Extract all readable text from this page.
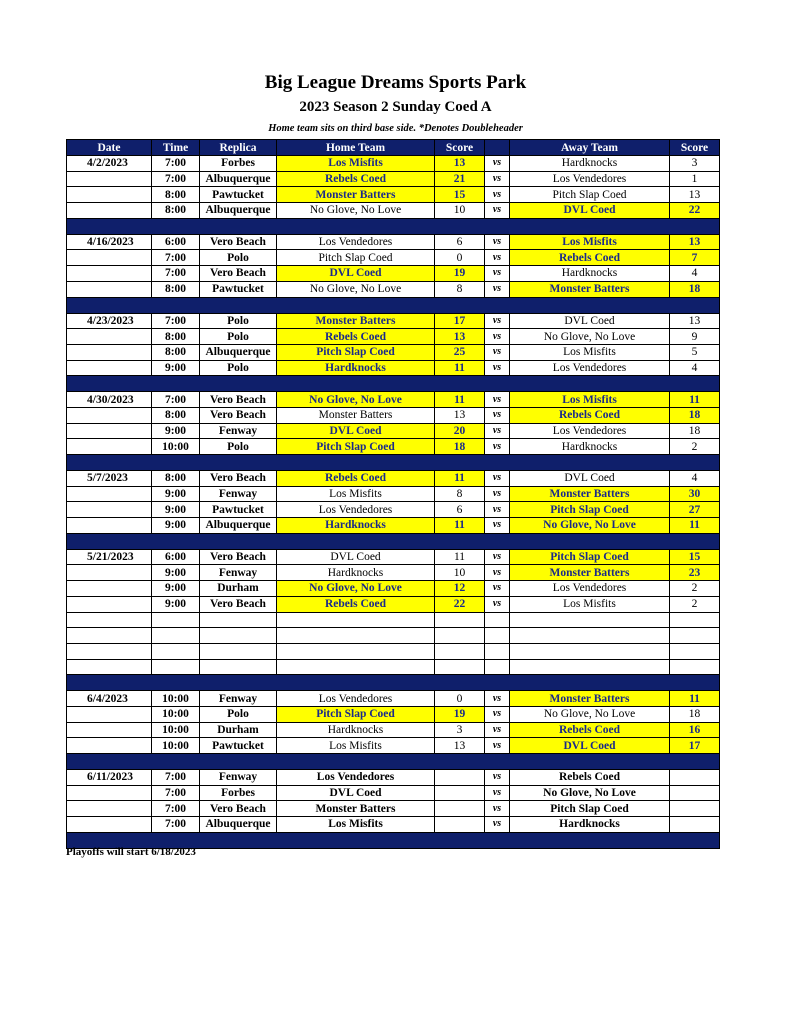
Big League Dreams Sports Park
2023 Season 2 Sunday Coed A
Home team sits on third base side. *Denotes Doubleheader
Date	Time	Replica	Home Team	Score		Away Team	Score
4/2/2023	7:00	Forbes	Los Misfits	13	vs	Hardknocks	3
	7:00	Albuquerque	Rebels Coed	21	vs	Los Vendedores	1
	8:00	Pawtucket	Monster Batters	15	vs	Pitch Slap Coed	13
	8:00	Albuquerque	No Glove, No Love	10	vs	DVL Coed	22

4/16/2023	6:00	Vero Beach	Los Vendedores	6	vs	Los Misfits	13
	7:00	Polo	Pitch Slap Coed	0	vs	Rebels Coed	7
	7:00	Vero Beach	DVL Coed	19	vs	Hardknocks	4
	8:00	Pawtucket	No Glove, No Love	8	vs	Monster Batters	18

4/23/2023	7:00	Polo	Monster Batters	17	vs	DVL Coed	13
	8:00	Polo	Rebels Coed	13	vs	No Glove, No Love	9
	8:00	Albuquerque	Pitch Slap Coed	25	vs	Los Misfits	5
	9:00	Polo	Hardknocks	11	vs	Los Vendedores	4

4/30/2023	7:00	Vero Beach	No Glove, No Love	11	vs	Los Misfits	11
	8:00	Vero Beach	Monster Batters	13	vs	Rebels Coed	18
	9:00	Fenway	DVL Coed	20	vs	Los Vendedores	18
	10:00	Polo	Pitch Slap Coed	18	vs	Hardknocks	2

5/7/2023	8:00	Vero Beach	Rebels Coed	11	vs	DVL Coed	4
	9:00	Fenway	Los Misfits	8	vs	Monster Batters	30
	9:00	Pawtucket	Los Vendedores	6	vs	Pitch Slap Coed	27
	9:00	Albuquerque	Hardknocks	11	vs	No Glove, No Love	11

5/21/2023	6:00	Vero Beach	DVL Coed	11	vs	Pitch Slap Coed	15
	9:00	Fenway	Hardknocks	10	vs	Monster Batters	23
	9:00	Durham	No Glove, No Love	12	vs	Los Vendedores	2
	9:00	Vero Beach	Rebels Coed	22	vs	Los Misfits	2

6/4/2023	10:00	Fenway	Los Vendedores	0	vs	Monster Batters	11
	10:00	Polo	Pitch Slap Coed	19	vs	No Glove, No Love	18
	10:00	Durham	Hardknocks	3	vs	Rebels Coed	16
	10:00	Pawtucket	Los Misfits	13	vs	DVL Coed	17

6/11/2023	7:00	Fenway	Los Vendedores		vs	Rebels Coed	
	7:00	Forbes	DVL Coed		vs	No Glove, No Love	
	7:00	Vero Beach	Monster Batters		vs	Pitch Slap Coed	
	7:00	Albuquerque	Los Misfits		vs	Hardknocks	

Playoffs will start 6/18/2023
